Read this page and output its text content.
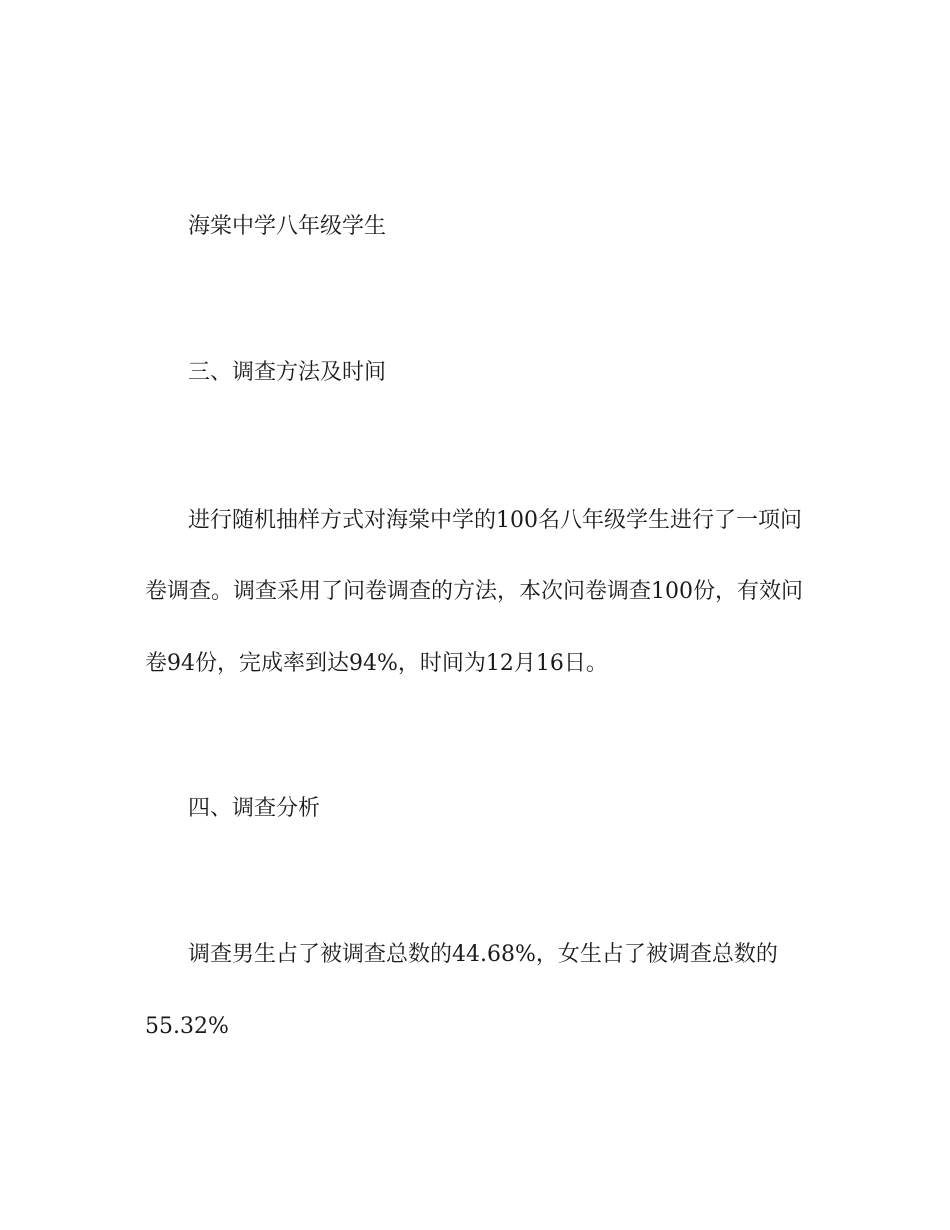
海棠中学八年级学生
三、调查方法及时间
进行随机抽样方式对海棠中学的100名八年级学生进行了一项问
卷调查。调查采用了问卷调查的方法，本次问卷调查100份，有效问
卷94份，完成率到达94%，时间为12月16日。
四、调查分析
调查男生占了被调查总数的44.68%，女生占了被调查总数的
55.32%
